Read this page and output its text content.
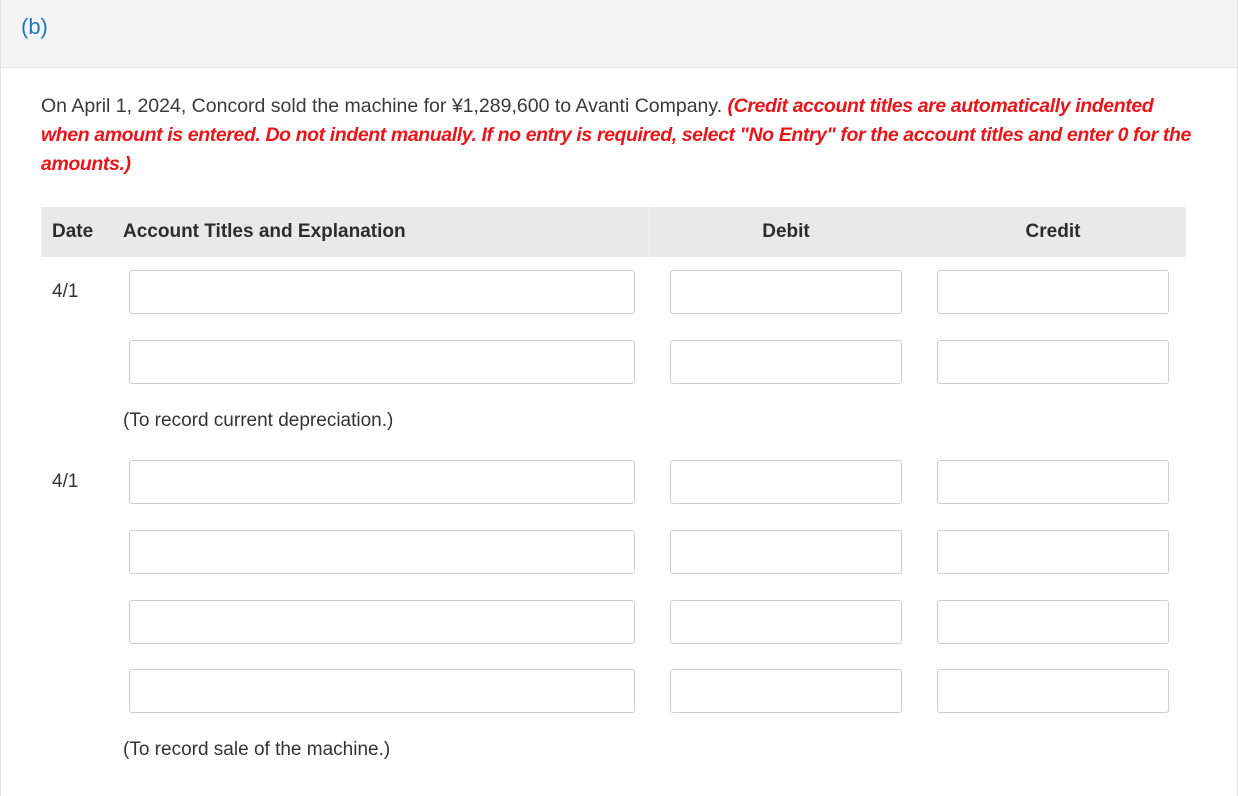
(b)
On April 1, 2024, Concord sold the machine for ¥1,289,600 to Avanti Company. (Credit account titles are automatically indented when amount is entered. Do not indent manually. If no entry is required, select "No Entry" for the account titles and enter 0 for the amounts.)
Date Account Titles and Explanation	Debit	Credit
4/1
(To record current depreciation.)
4/1
(To record sale of the machine.)
